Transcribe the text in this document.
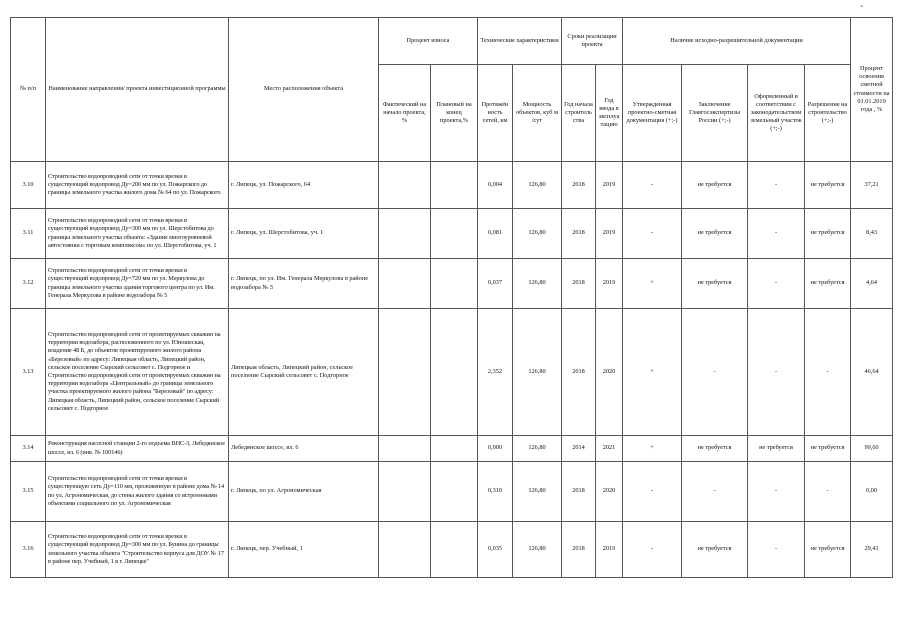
≡
№ п/п	Наименование направления/ проекта инвестиционной программы	Место расположения объекта	Процент износа		Технические характеристики		Сроки реализации проекта		Наличие исходно-разрешительной документации				Процент освоения сметной стоимости на 01.01.2019 года , %
			Фактический на начало проекта, %	Плановый на конец проекта,%	Протяжённость сетей, км	Мощность объектов, куб м /сут	Год начала строительства	Год ввода в эксплуатацию	Утвержденная проектно-сметная документация (+;-)	Заключение Главгосэкспертизы России (+;-)	Оформленный в соответствии с законодательством земельный участок (+;-)	Разрешение на строительство (+;-)	
3.10	Строительство водопроводной сети от точки врезки в существующий водопровод Ду=200 мм по ул. Пожарского до границы земельного участка жилого дома № 64 по ул. Пожарского	г. Липецк, ул. Пожарского, 64			0,004	126,80	2018	2019	-	не требуется	-	не требуется	37,21
3.11	Строительство водопроводной сети от точки врезки в существующий водопровод Ду=300 мм по ул. Шерстобитова до границы земельного участка объекта: «Здание многоуровневой автостоянки с торговым комплексом» по ул. Шерстобитова, уч. 1	г. Липецк, ул. Шерстобитова, уч. 1			0,081	126,80	2018	2019	-	не требуется	-	не требуется	8,43
3.12	Строительство водопроводной сети от точки врезки в существующий водопровод Ду=720 мм по ул. Меркулова до границы земельного участка здания торгового центра по ул. Им. Генерала Меркулова в районе водозабора № 5	г. Липецк, по ул. Им. Генерала Меркулова в районе водозабора № 5			0,037	126,80	2018	2019	+	не требуется	-	не требуется	4,64
3.13	Строительство водопроводной сети от проектируемых скважин на территории водозабора, расположенного по ул. Юношеская, владение 48 Б, до объектов проектируемого жилого района «Березовый» по адресу: Липецкая область, Липецкий район, сельское поселение Сырский сельсовет с. Подгорное и Строительство водопроводной сети от проектируемых скважин на территории водозабора «Центральный» до границы земельного участка проектируемого жилого района "Березовый" по адресу: Липецкая область, Липецкий район, сельское поселение Сырский сельсовет с. Подгорное	Липецкая область, Липецкий район, сельское поселение Сырский сельсовет с. Подгорное			2,352	126,80	2018	2020	+	-	-	-	46,64
3.14	Реконструкция насосной станции 2-го подъема ВНС-3, Лебедянское шоссе, вл. 6 (инв. № 100146)	Лебедянское шоссе, вл. 6			0,000	126,80	2014	2021	+	не требуется	не требуется	не требуется	99,60
3.15	Строительство водопроводной сети от точки врезки в существующую сеть Ду=110 мм, проложенную в районе дома № 14 по ул. Агрономическая, до стены жилого здания со встроенными объектами социального по ул. Агрономическая	г. Липецк, по ул. Агрономическая			0,310	126,80	2018	2020	-	-	-	-	0,00
3.16	Строительство водопроводной сети от точки врезки в существующий водопровод Ду=300 мм по ул. Бунина до границы земельного участка объекта "Строительство корпуса для ДОУ № 17 в районе пер. Учебный, 1 в г. Липецке"	г. Липецк, пер. Учебный, 1			0,035	126,80	2018	2019	-	не требуется	-	не требуется	29,41
